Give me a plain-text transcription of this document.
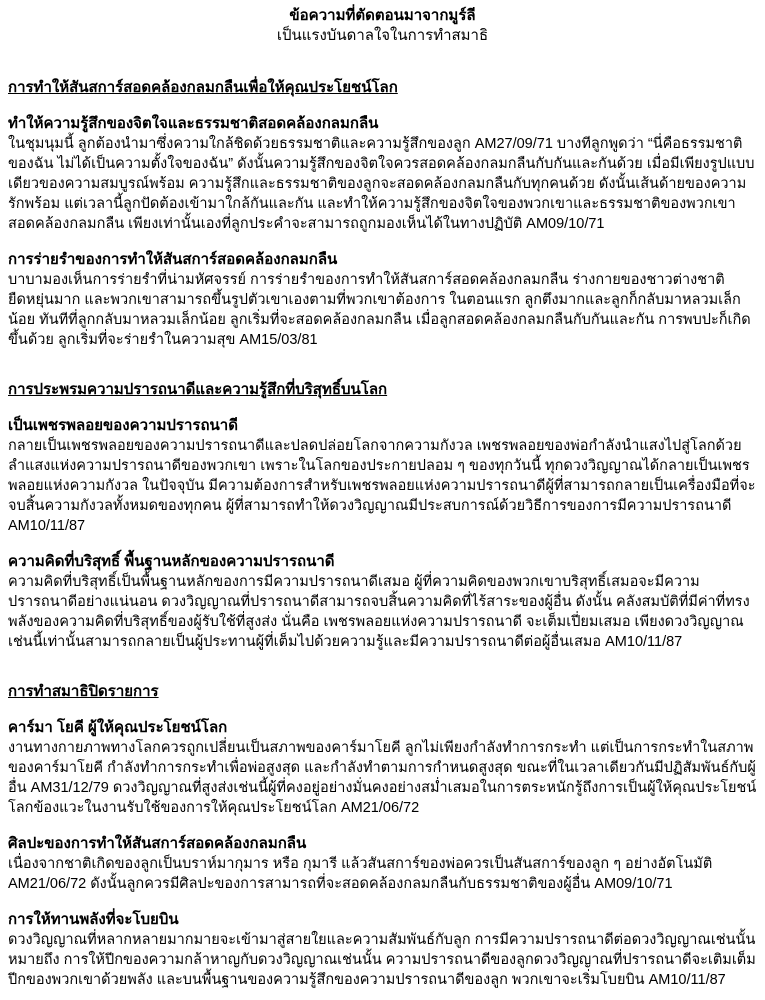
ข้อความที่ตัดตอนมาจากมูร์ลี
เป็นแรงบันดาลใจในการทำสมาธิ
การทำให้สันสการ์สอดคล้องกลมกลืนเพื่อให้คุณประโยชน์โลก
ทำให้ความรู้สึกของจิตใจและธรรมชาติสอดคล้องกลมกลืน

ในชุมนุมนี้ ลูกต้องนำมาซึ่งความใกล้ชิดด้วยธรรมชาติและความรู้สึกของลูก AM27/09/71 บางทีลูกพูดว่า “นี่คือธรรมชาติของฉัน ไม่ได้เป็นความตั้งใจของฉัน” ดังนั้นความรู้สึกของจิตใจควรสอดคล้องกลมกลืนกับกันและกันด้วย เมื่อมีเพียงรูปแบบเดียวของความสมบูรณ์พร้อม ความรู้สึกและธรรมชาติของลูกจะสอดคล้องกลมกลืนกับทุกคนด้วย ดังนั้นเส้นด้ายของความรักพร้อม แต่เวลานี้ลูกปัดต้องเข้ามาใกล้กันและกัน และทำให้ความรู้สึกของจิตใจของพวกเขาและธรรมชาติของพวกเขาสอดคล้องกลมกลืน เพียงเท่านั้นเองที่ลูกประคำจะสามารถถูกมองเห็นได้ในทางปฏิบัติ AM09/10/71

การร่ายรำของการทำให้สันสการ์สอดคล้องกลมกลืน

บาบามองเห็นการร่ายรำที่น่ามหัศจรรย์ การร่ายรำของการทำให้สันสการ์สอดคล้องกลมกลืน ร่างกายของชาวต่างชาติยืดหยุ่นมาก และพวกเขาสามารถขึ้นรูปตัวเขาเองตามที่พวกเขาต้องการ ในตอนแรก ลูกตึงมากและลูกก็กลับมาหลวมเล็กน้อย ทันทีที่ลูกกลับมาหลวมเล็กน้อย ลูกเริ่มที่จะสอดคล้องกลมกลืน เมื่อลูกสอดคล้องกลมกลืนกับกันและกัน การพบปะก็เกิดขึ้นด้วย ลูกเริ่มที่จะร่ายรำในความสุข AM15/03/81

การประพรมความปรารถนาดีและความรู้สึกที่บริสุทธิ์บนโลก
เป็นเพชรพลอยของความปรารถนาดี

กลายเป็นเพชรพลอยของความปรารถนาดีและปลดปล่อยโลกจากความกังวล เพชรพลอยของพ่อกำลังนำแสงไปสู่โลกด้วยลำแสงแห่งความปรารถนาดีของพวกเขา เพราะในโลกของประกายปลอม ๆ ของทุกวันนี้ ทุกดวงวิญญาณได้กลายเป็นเพชรพลอยแห่งความกังวล ในปัจจุบัน มีความต้องการสำหรับเพชรพลอยแห่งความปรารถนาดีผู้ที่สามารถกลายเป็นเครื่องมือที่จะจบสิ้นความกังวลทั้งหมดของทุกคน ผู้ที่สามารถทำให้ดวงวิญญาณมีประสบการณ์ด้วยวิธีการของการมีความปรารถนาดี AM10/11/87

ความคิดที่บริสุทธิ์ พื้นฐานหลักของความปรารถนาดี

ความคิดที่บริสุทธิ์เป็นพื้นฐานหลักของการมีความปรารถนาดีเสมอ ผู้ที่ความคิดของพวกเขาบริสุทธิ์เสมอจะมีความปรารถนาดีอย่างแน่นอน ดวงวิญญาณที่ปรารถนาดีสามารถจบสิ้นความคิดที่ไร้สาระของผู้อื่น ดังนั้น คลังสมบัติที่มีค่าที่ทรงพลังของความคิดที่บริสุทธิ์ของผู้รับใช้ที่สูงส่ง นั่นคือ เพชรพลอยแห่งความปรารถนาดี จะเต็มเปี่ยมเสมอ เพียงดวงวิญญาณเช่นนี้เท่านั้นสามารถกลายเป็นผู้ประทานผู้ที่เต็มไปด้วยความรู้และมีความปรารถนาดีต่อผู้อื่นเสมอ AM10/11/87

การทำสมาธิปิดรายการ
คาร์มา โยคี ผู้ให้คุณประโยชน์โลก

งานทางกายภาพทางโลกควรถูกเปลี่ยนเป็นสภาพของคาร์มาโยคี ลูกไม่เพียงกำลังทำการกระทำ แต่เป็นการกระทำในสภาพของคาร์มาโยคี กำลังทำการกระทำเพื่อพ่อสูงสุด และกำลังทำตามการกำหนดสูงสุด ขณะที่ในเวลาเดียวกันมีปฏิสัมพันธ์กับผู้อื่น AM31/12/79 ดวงวิญญาณที่สูงส่งเช่นนี้ผู้ที่คงอยู่อย่างมั่นคงอย่างสม่ำเสมอในการตระหนักรู้ถึงการเป็นผู้ให้คุณประโยชน์โลกข้องแวะในงานรับใช้ของการให้คุณประโยชน์โลก AM21/06/72

ศิลปะของการทำให้สันสการ์สอดคล้องกลมกลืน

เนื่องจากชาติเกิดของลูกเป็นบราห์มากุมาร หรือ กุมารี แล้วสันสการ์ของพ่อควรเป็นสันสการ์ของลูก ๆ อย่างอัตโนมัติ AM21/06/72 ดังนั้นลูกควรมีศิลปะของการสามารถที่จะสอดคล้องกลมกลืนกับธรรมชาติของผู้อื่น AM09/10/71

การให้ทานพลังที่จะโบยบิน

ดวงวิญญาณที่หลากหลายมากมายจะเข้ามาสู่สายใยและความสัมพันธ์กับลูก การมีความปรารถนาดีต่อดวงวิญญาณเช่นนั้น หมายถึง การให้ปีกของความกล้าหาญกับดวงวิญญาณเช่นนั้น ความปรารถนาดีของลูกดวงวิญญาณที่ปรารถนาดีจะเติมเต็มปีกของพวกเขาด้วยพลัง และบนพื้นฐานของความรู้สึกของความปรารถนาดีของลูก พวกเขาจะเริ่มโบยบิน AM10/11/87
